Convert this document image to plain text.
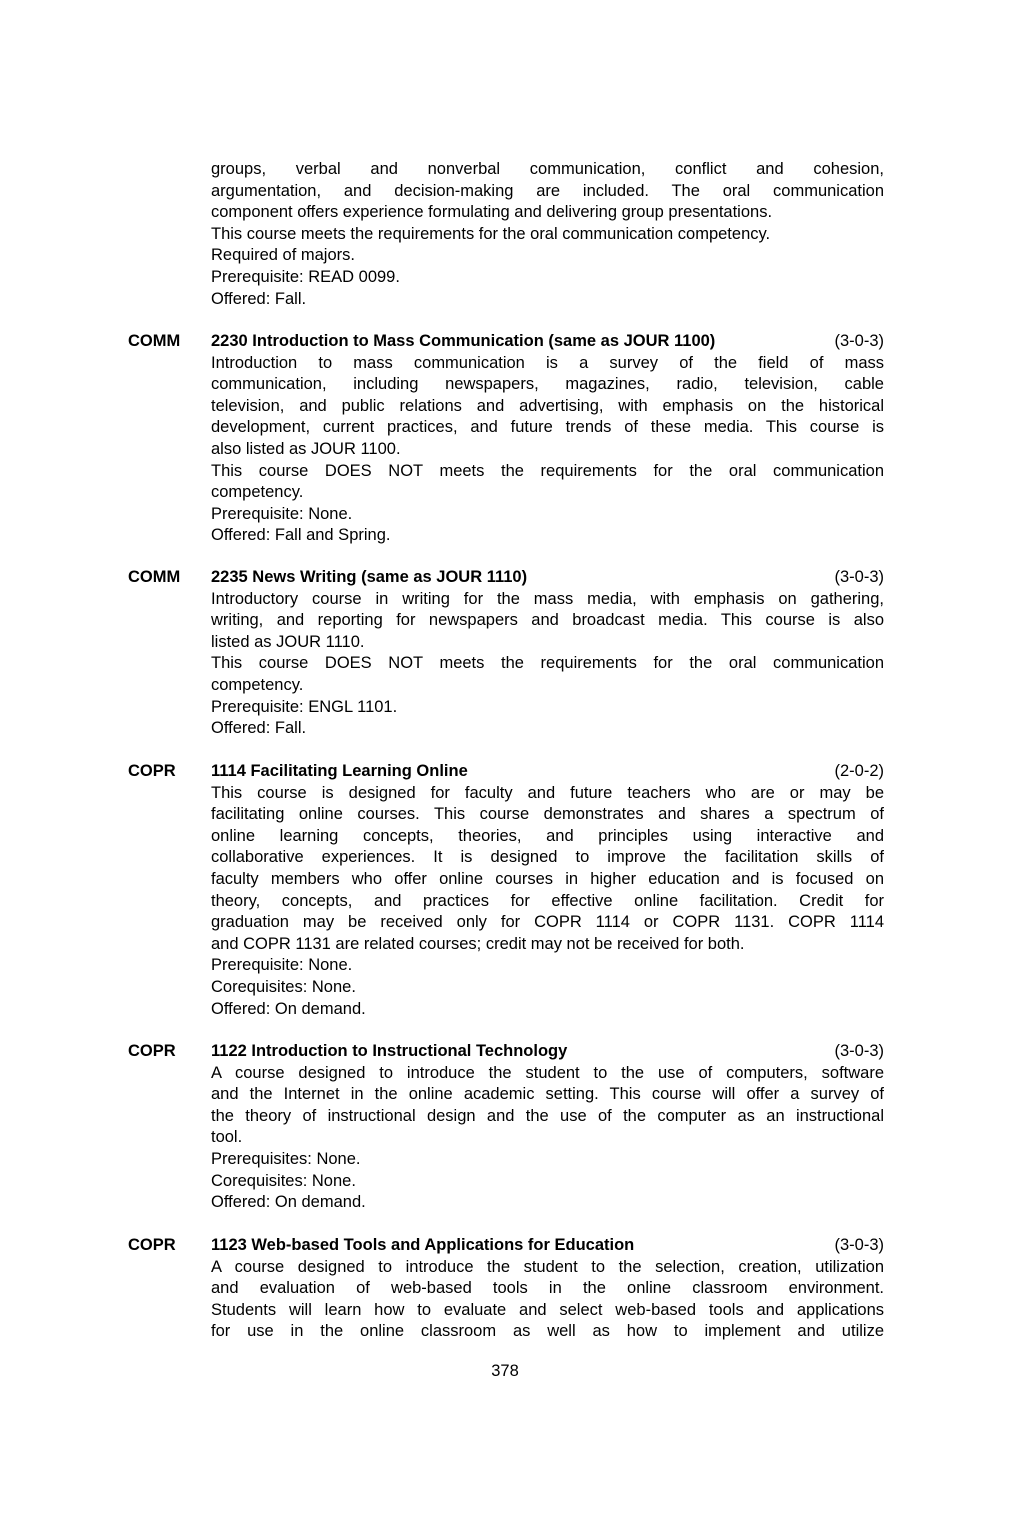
groups, verbal and nonverbal communication, conflict and cohesion,
argumentation, and decision-making are included. The oral communication
component offers experience formulating and delivering group presentations.
This course meets the requirements for the oral communication competency.
Required of majors.
Prerequisite: READ 0099.
Offered: Fall.
COMM 2230 Introduction to Mass Communication (same as JOUR 1100)	(3-0-3)
Introduction to mass communication is a survey of the field of mass
communication, including newspapers, magazines, radio, television, cable
television, and public relations and advertising, with emphasis on the historical
development, current practices, and future trends of these media. This course is
also listed as JOUR 1100.
This course DOES NOT meets the requirements for the oral communication
competency.
Prerequisite: None.
Offered: Fall and Spring.
COMM 2235 News Writing (same as JOUR 1110)	(3-0-3)
Introductory course in writing for the mass media, with emphasis on gathering,
writing, and reporting for newspapers and broadcast media. This course is also
listed as JOUR 1110.
This course DOES NOT meets the requirements for the oral communication
competency.
Prerequisite: ENGL 1101.
Offered: Fall.
COPR 1114 Facilitating Learning Online	(2-0-2)
This course is designed for faculty and future teachers who are or may be
facilitating online courses. This course demonstrates and shares a spectrum of
online learning concepts, theories, and principles using interactive and
collaborative experiences. It is designed to improve the facilitation skills of
faculty members who offer online courses in higher education and is focused on
theory, concepts, and practices for effective online facilitation. Credit for
graduation may be received only for COPR 1114 or COPR 1131. COPR 1114
and COPR 1131 are related courses; credit may not be received for both.
Prerequisite: None.
Corequisites: None.
Offered: On demand.
COPR 1122 Introduction to Instructional Technology	(3-0-3)
A course designed to introduce the student to the use of computers, software
and the Internet in the online academic setting. This course will offer a survey of
the theory of instructional design and the use of the computer as an instructional
tool.
Prerequisites: None.
Corequisites: None.
Offered: On demand.
COPR 1123 Web-based Tools and Applications for Education	(3-0-3)
A course designed to introduce the student to the selection, creation, utilization
and evaluation of web-based tools in the online classroom environment.
Students will learn how to evaluate and select web-based tools and applications
for use in the online classroom as well as how to implement and utilize
378
